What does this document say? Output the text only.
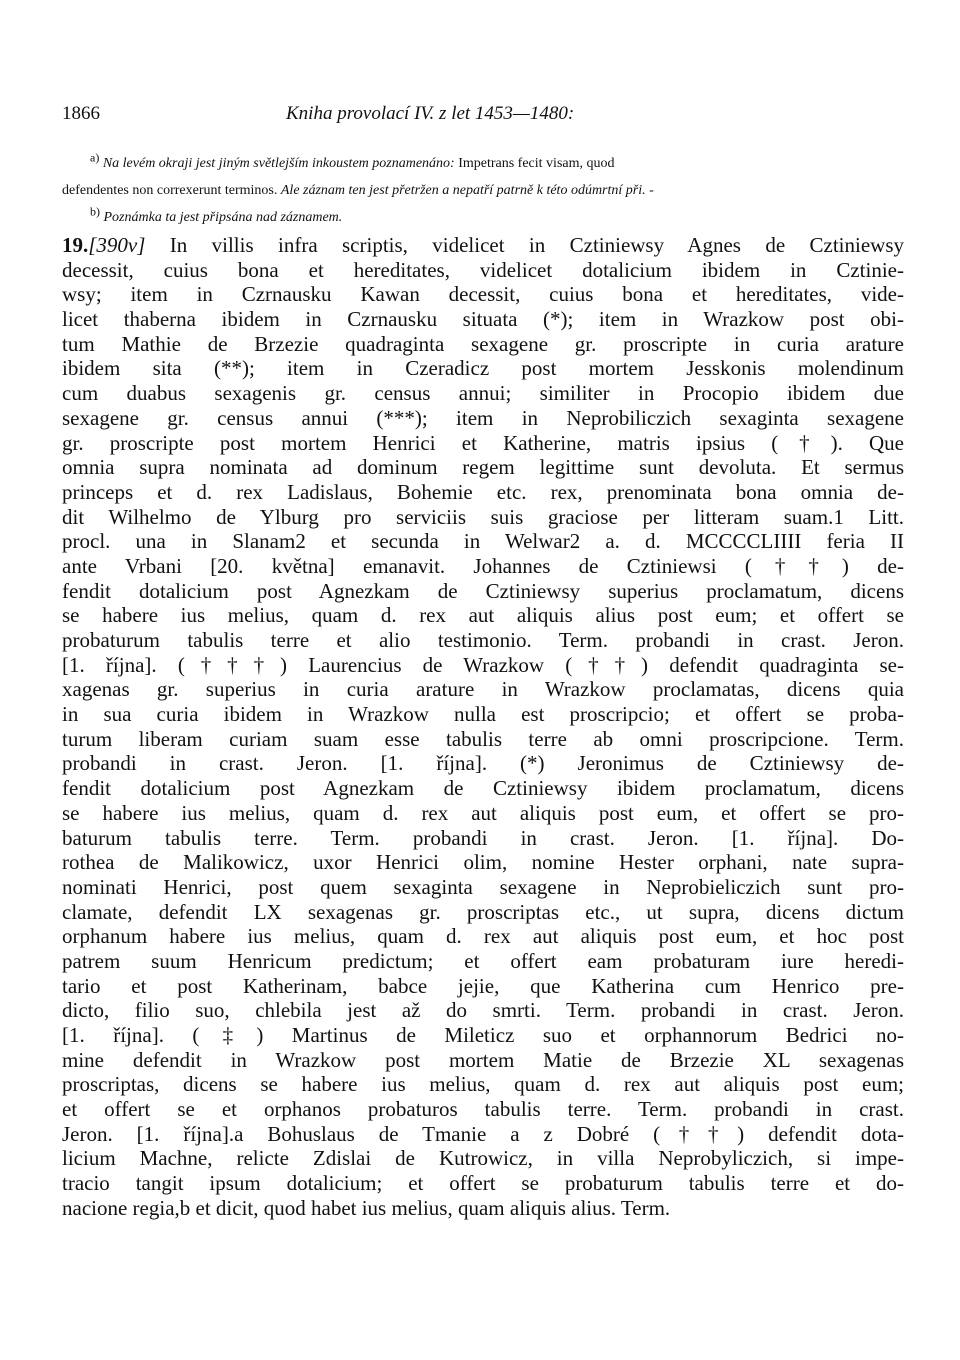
1866	Kniha provolací IV. z let 1453—1480:
$^{a)}$ Na levém okraji jest jiným světlejším inkoustem poznamenáno: Impetrans fecit visam, quod
defendentes non correxerunt terminos. Ale záznam ten jest přetržen a nepatří patrně k této odúmrtní při. -
$^{b)}$ Poznámka ta jest připsána nad záznamem.
19.[390v] In villis infra scriptis, videlicet in Cztiniewsy Agnes de Cztiniewsy
decessit, cuius bona et hereditates, videlicet dotalicium ibidem in Cztinie-
wsy; item in Czrnausku Kawan decessit, cuius bona et hereditates, vide-
licet thaberna ibidem in Czrnausku situata (*); item in Wrazkow post obi-
tum Mathie de Brzezie quadraginta sexagene gr. proscripte in curia arature
ibidem sita (**); item in Czeradicz post mortem Jesskonis molendinum
cum duabus sexagenis gr. census annui; similiter in Procopio ibidem due
sexagene gr. census annui (***); item in Neprobiliczich sexaginta sexagene
gr. proscripte post mortem Henrici et Katherine, matris ipsius (†). Que
omnia supra nominata ad dominum regem legittime sunt devoluta. Et sermus
princeps et d. rex Ladislaus, Bohemie etc. rex, prenominata bona omnia de-
dit Wilhelmo de Ylburg pro serviciis suis graciose per litteram suam.1 Litt.
procl. una in Slanam2 et secunda in Welwar2 a. d. MCCCCLIIII feria II
ante Vrbani [20. května] emanavit. Johannes de Cztiniewsi (††) de-
fendit dotalicium post Agnezkam de Cztiniewsy superius proclamatum, dicens
se habere ius melius, quam d. rex aut aliquis alius post eum; et offert se
probaturum tabulis terre et alio testimonio. Term. probandi in crast. Jeron.
[1. října]. (†††) Laurencius de Wrazkow (††) defendit quadraginta se-
xagenas gr. superius in curia arature in Wrazkow proclamatas, dicens quia
in sua curia ibidem in Wrazkow nulla est proscripcio; et offert se proba-
turum liberam curiam suam esse tabulis terre ab omni proscripcione. Term.
probandi in crast. Jeron. [1. října]. (*) Jeronimus de Cztiniewsy de-
fendit dotalicium post Agnezkam de Cztiniewsy ibidem proclamatum, dicens
se habere ius melius, quam d. rex aut aliquis post eum, et offert se pro-
baturum tabulis terre. Term. probandi in crast. Jeron. [1. října]. Do-
rothea de Malikowicz, uxor Henrici olim, nomine Hester orphani, nate supra-
nominati Henrici, post quem sexaginta sexagene in Neprobieliczich sunt pro-
clamate, defendit LX sexagenas gr. proscriptas etc., ut supra, dicens dictum
orphanum habere ius melius, quam d. rex aut aliquis post eum, et hoc post
patrem suum Henricum predictum; et offert eam probaturam iure heredi-
tario et post Katherinam, babce jejie, que Katherina cum Henrico pre-
dicto, filio suo, chlebila jest až do smrti. Term. probandi in crast. Jeron.
[1. října]. (‡) Martinus de Mileticz suo et orphannorum Bedrici no-
mine defendit in Wrazkow post mortem Matie de Brzezie XL sexagenas
proscriptas, dicens se habere ius melius, quam d. rex aut aliquis post eum;
et offert se et orphanos probaturos tabulis terre. Term. probandi in crast.
Jeron. [1. října].a Bohuslaus de Tmanie a z Dobré (††) defendit dota-
licium Machne, relicte Zdislai de Kutrowicz, in villa Neprobyliczich, si impe-
tracio tangit ipsum dotalicium; et offert se probaturum tabulis terre et do-
nacione regia,b et dicit, quod habet ius melius, quam aliquis alius. Term.
